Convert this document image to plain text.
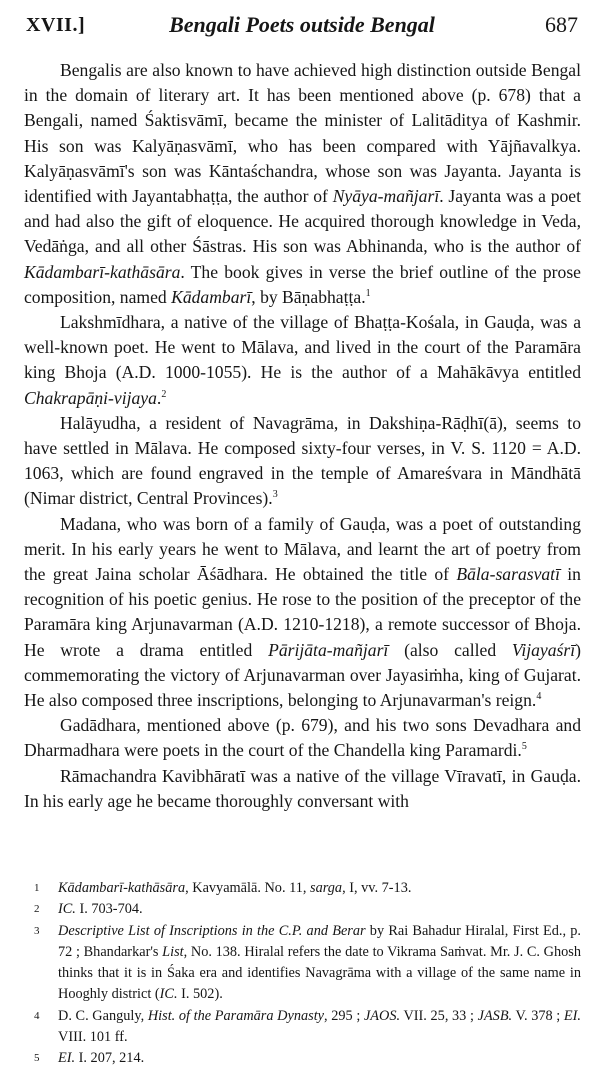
XVII.]	Bengali Poets outside Bengal	687

Bengalis are also known to have achieved high distinction outside Bengal in the domain of literary art. It has been mentioned above (p. 678) that a Bengali, named Śaktisvāmī, became the minister of Lalitāditya of Kashmir. His son was Kalyāṇasvāmī, who has been compared with Yājñavalkya. Kalyāṇasvāmī's son was Kāntaśchandra, whose son was Jayanta. Jayanta is identified with Jayantabhaṭṭa, the author of Nyāya-mañjarī. Jayanta was a poet and had also the gift of eloquence. He acquired thorough knowledge in Veda, Vedāṅga, and all other Śāstras. His son was Abhinanda, who is the author of Kādambarī-kathāsāra. The book gives in verse the brief outline of the prose composition, named Kādambarī, by Bāṇabhaṭṭa.$^1$

Lakshmīdhara, a native of the village of Bhaṭṭa-Kośala, in Gauḍa, was a well-known poet. He went to Mālava, and lived in the court of the Paramāra king Bhoja (A.D. 1000-1055). He is the author of a Mahākāvya entitled Chakrapāṇi-vijaya.$^2$

Halāyudha, a resident of Navagrāma, in Dakshiṇa-Rāḍhī(ā), seems to have settled in Mālava. He composed sixty-four verses, in V. S. 1120 = A.D. 1063, which are found engraved in the temple of Amareśvara in Māndhātā (Nimar district, Central Provinces).$^3$

Madana, who was born of a family of Gauḍa, was a poet of outstanding merit. In his early years he went to Mālava, and learnt the art of poetry from the great Jaina scholar Āśādhara. He obtained the title of Bāla-sarasvatī in recognition of his poetic genius. He rose to the position of the preceptor of the Paramāra king Arjunavarman (A.D. 1210-1218), a remote successor of Bhoja. He wrote a drama entitled Pārijāta-mañjarī (also called Vijayaśrī) commemorating the victory of Arjunavarman over Jayasiṁha, king of Gujarat. He also composed three inscriptions, belonging to Arjunavarman's reign.$^4$

Gadādhara, mentioned above (p. 679), and his two sons Devadhara and Dharmadhara were poets in the court of the Chandella king Paramardi.$^5$

Rāmachandra Kavibhāratī was a native of the village Vīravatī, in Gauḍa. In his early age he became thoroughly conversant with

1 Kādambarī-kathāsāra, Kavyamālā. No. 11, sarga, I, vv. 7-13.
2 IC. I. 703-704.
3 Descriptive List of Inscriptions in the C.P. and Berar by Rai Bahadur Hiralal, First Ed., p. 72 ; Bhandarkar's List, No. 138. Hiralal refers the date to Vikrama Saṁvat. Mr. J. C. Ghosh thinks that it is in Śaka era and identifies Navagrāma with a village of the same name in Hooghly district (IC. I. 502).
4 D. C. Ganguly, Hist. of the Paramāra Dynasty, 295 ; JAOS. VII. 25, 33 ; JASB. V. 378 ; EI. VIII. 101 ff.
5 EI. I. 207, 214.
